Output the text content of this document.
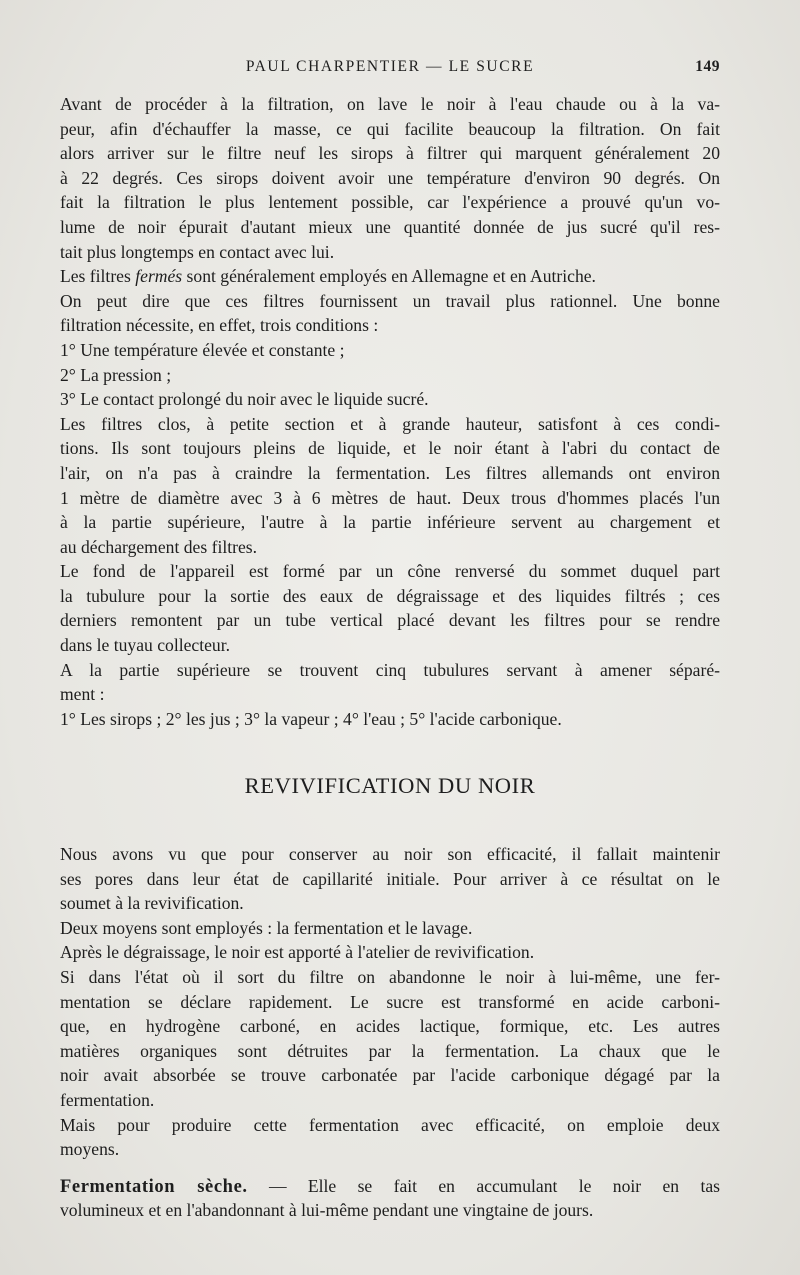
PAUL CHARPENTIER — LE SUCRE	149
Avant de procéder à la filtration, on lave le noir à l'eau chaude ou à la va-
peur, afin d'échauffer la masse, ce qui facilite beaucoup la filtration. On fait
alors arriver sur le filtre neuf les sirops à filtrer qui marquent généralement 20
à 22 degrés. Ces sirops doivent avoir une température d'environ 90 degrés. On
fait la filtration le plus lentement possible, car l'expérience a prouvé qu'un vo-
lume de noir épurait d'autant mieux une quantité donnée de jus sucré qu'il res-
tait plus longtemps en contact avec lui.
Les filtres fermés sont généralement employés en Allemagne et en Autriche.
On peut dire que ces filtres fournissent un travail plus rationnel. Une bonne
filtration nécessite, en effet, trois conditions :
1° Une température élevée et constante ;
2° La pression ;
3° Le contact prolongé du noir avec le liquide sucré.
Les filtres clos, à petite section et à grande hauteur, satisfont à ces condi-
tions. Ils sont toujours pleins de liquide, et le noir étant à l'abri du contact de
l'air, on n'a pas à craindre la fermentation. Les filtres allemands ont environ
1 mètre de diamètre avec 3 à 6 mètres de haut. Deux trous d'hommes placés l'un
à la partie supérieure, l'autre à la partie inférieure servent au chargement et
au déchargement des filtres.
Le fond de l'appareil est formé par un cône renversé du sommet duquel part
la tubulure pour la sortie des eaux de dégraissage et des liquides filtrés ; ces
derniers remontent par un tube vertical placé devant les filtres pour se rendre
dans le tuyau collecteur.
A la partie supérieure se trouvent cinq tubulures servant à amener séparé-
ment :
1° Les sirops ; 2° les jus ; 3° la vapeur ; 4° l'eau ; 5° l'acide carbonique.
REVIVIFICATION DU NOIR
Nous avons vu que pour conserver au noir son efficacité, il fallait maintenir
ses pores dans leur état de capillarité initiale. Pour arriver à ce résultat on le
soumet à la revivification.
Deux moyens sont employés : la fermentation et le lavage.
Après le dégraissage, le noir est apporté à l'atelier de revivification.
Si dans l'état où il sort du filtre on abandonne le noir à lui-même, une fer-
mentation se déclare rapidement. Le sucre est transformé en acide carboni-
que, en hydrogène carboné, en acides lactique, formique, etc. Les autres
matières organiques sont détruites par la fermentation. La chaux que le
noir avait absorbée se trouve carbonatée par l'acide carbonique dégagé par la
fermentation.
Mais pour produire cette fermentation avec efficacité, on emploie deux
moyens.
Fermentation sèche. — Elle se fait en accumulant le noir en tas
volumineux et en l'abandonnant à lui-même pendant une vingtaine de jours.
